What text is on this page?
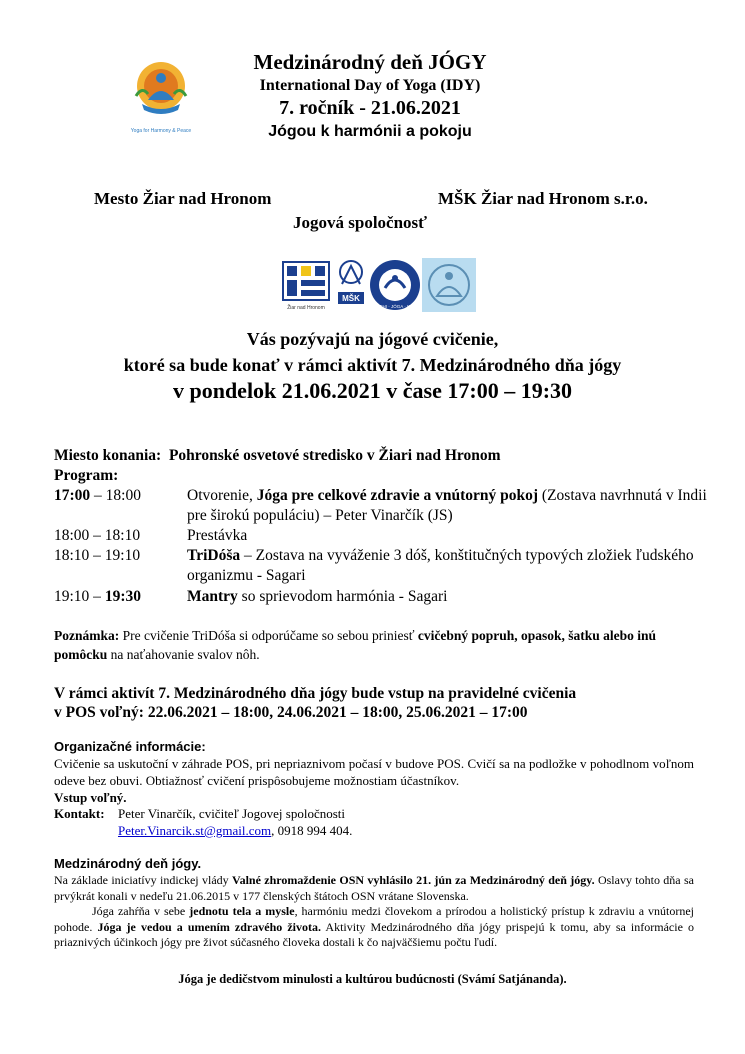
Yoga for Harmony & Peace
Medzinárodný deň JÓGY
International Day of Yoga (IDY)
7. ročník - 21.06.2021
Jógou k harmónii a pokoju
Mesto Žiar nad Hronom	MŠK Žiar nad Hronom s.r.o.
Jogová spoločnosť
Žiar nad Hronom
MŠK
TAI CHI · JÓGA · KLUB
Vás pozývajú na jógové cvičenie,
ktoré sa bude konať v rámci aktivít 7. Medzinárodného dňa jógy
v pondelok 21.06.2021 v čase 17:00 – 19:30
Miesto konania: Pohronské osvetové stredisko v Žiari nad Hronom
Program:
17:00 – 18:00	Otvorenie, Jóga pre celkové zdravie a vnútorný pokoj (Zostava navrhnutá v Indii pre širokú populáciu) – Peter Vinarčík (JS)
18:00 – 18:10	Prestávka
18:10 – 19:10	TriDóša – Zostava na vyváženie 3 dóš, konštitučných typových zložiek ľudského organizmu - Sagari
19:10 – 19:30	Mantry so sprievodom harmónia - Sagari
Poznámka: Pre cvičenie TriDóša si odporúčame so sebou priniesť cvičebný popruh, opasok, šatku alebo inú pomôcku na naťahovanie svalov nôh.
V rámci aktivít 7. Medzinárodného dňa jógy bude vstup na pravidelné cvičenia
v POS voľný: 22.06.2021 – 18:00, 24.06.2021 – 18:00, 25.06.2021 – 17:00
Organizačné informácie:
Cvičenie sa uskutoční v záhrade POS, pri nepriaznivom počasí v budove POS. Cvičí sa na podložke v pohodlnom voľnom odeve bez obuvi. Obtiažnosť cvičení prispôsobujeme možnostiam účastníkov.
Vstup voľný.
Kontakt: Peter Vinarčík, cvičiteľ Jogovej spoločnosti
Peter.Vinarcik.st@gmail.com, 0918 994 404.
Medzinárodný deň jógy.
Na základe iniciatívy indickej vlády Valné zhromaždenie OSN vyhlásilo 21. jún za Medzinárodný deň jógy. Oslavy tohto dňa sa prvýkrát konali v nedeľu 21.06.2015 v 177 členských štátoch OSN vrátane Slovenska.
Jóga zahŕňa v sebe jednotu tela a mysle, harmóniu medzi človekom a prírodou a holistický prístup k zdraviu a vnútornej pohode. Jóga je vedou a umením zdravého života. Aktivity Medzinárodného dňa jógy prispejú k tomu, aby sa informácie o priaznivých účinkoch jógy pre život súčasného človeka dostali k čo najväčšiemu počtu ľudí.
Jóga je dedičstvom minulosti a kultúrou budúcnosti (Svámí Satjánanda).
